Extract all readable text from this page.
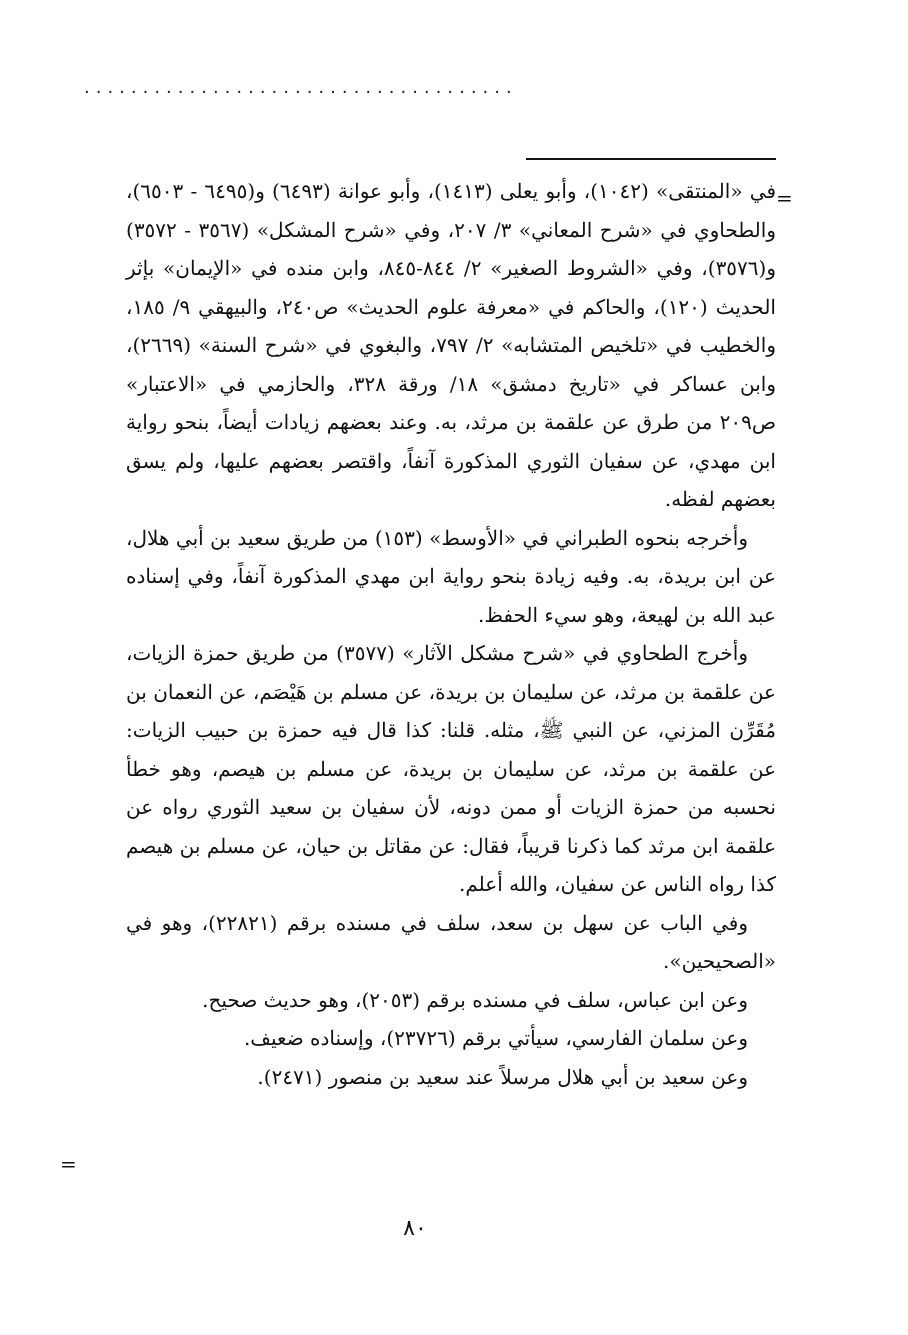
·····································
=

في «المنتقى» (١٠٤٢)، وأبو يعلى (١٤١٣)، وأبو عوانة (٦٤٩٣) و(٦٤٩٥ - ٦٥٠٣)، والطحاوي في «شرح المعاني» ٣/ ٢٠٧، وفي «شرح المشكل» (٣٥٦٧ - ٣٥٧٢) و(٣٥٧٦)، وفي «الشروط الصغير» ٢/ ٨٤٤-٨٤٥، وابن منده في «الإيمان» بإثر الحديث (١٢٠)، والحاكم في «معرفة علوم الحديث» ص٢٤٠، والبيهقي ٩/ ١٨٥، والخطيب في «تلخيص المتشابه» ٢/ ٧٩٧، والبغوي في «شرح السنة» (٢٦٦٩)، وابن عساكر في «تاريخ دمشق» ١٨/ ورقة ٣٢٨، والحازمي في «الاعتبار» ص٢٠٩ من طرق عن علقمة بن مرثد، به. وعند بعضهم زيادات أيضاً، بنحو رواية ابن مهدي، عن سفيان الثوري المذكورة آنفاً، واقتصر بعضهم عليها، ولم يسق بعضهم لفظه.

وأخرجه بنحوه الطبراني في «الأوسط» (١٥٣) من طريق سعيد بن أبي هلال، عن ابن بريدة، به. وفيه زيادة بنحو رواية ابن مهدي المذكورة آنفاً، وفي إسناده عبد الله بن لهيعة، وهو سيء الحفظ.

وأخرج الطحاوي في «شرح مشكل الآثار» (٣٥٧٧) من طريق حمزة الزيات، عن علقمة بن مرثد، عن سليمان بن بريدة، عن مسلم بن هَيْصَم، عن النعمان بن مُقَرِّن المزني، عن النبي ﷺ، مثله. قلنا: كذا قال فيه حمزة بن حبيب الزيات: عن علقمة بن مرثد، عن سليمان بن بريدة، عن مسلم بن هيصم، وهو خطأ نحسبه من حمزة الزيات أو ممن دونه، لأن سفيان بن سعيد الثوري رواه عن علقمة ابن مرثد كما ذكرنا قريباً، فقال: عن مقاتل بن حيان، عن مسلم بن هيصم كذا رواه الناس عن سفيان، والله أعلم.

وفي الباب عن سهل بن سعد، سلف في مسنده برقم (٢٢٨٢١)، وهو في «الصحيحين».

وعن ابن عباس، سلف في مسنده برقم (٢٠٥٣)، وهو حديث صحيح.

وعن سلمان الفارسي، سيأتي برقم (٢٣٧٢٦)، وإسناده ضعيف.

وعن سعيد بن أبي هلال مرسلاً عند سعيد بن منصور (٢٤٧١).

=
٨٠
